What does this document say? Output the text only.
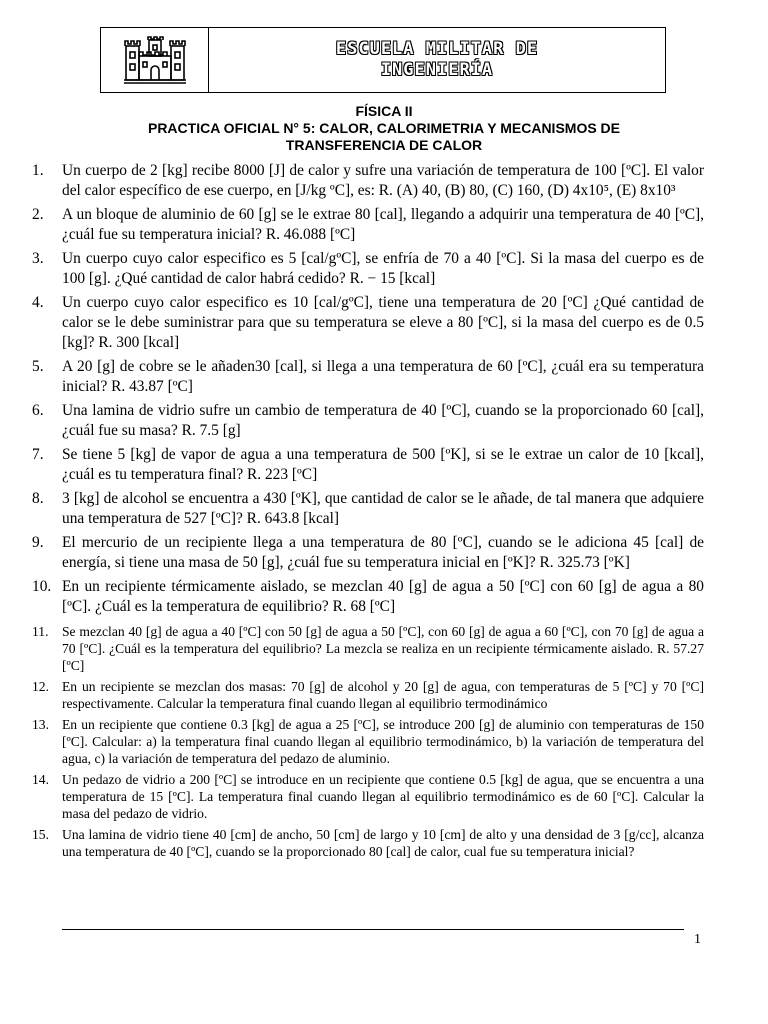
ESCUELA MILITAR DE
INGENIERÍA
FÍSICA II
PRACTICA OFICIAL N° 5: CALOR, CALORIMETRIA Y MECANISMOS DE
TRANSFERENCIA DE CALOR
1.	Un cuerpo de 2 [kg] recibe 8000 [J] de calor y sufre una variación de temperatura de 100 [ºC]. El valor del calor específico de ese cuerpo, en [J/kg ºC], es: R. (A) 40, (B) 80, (C) 160, (D) 4x10⁵, (E) 8x10³
2.	A un bloque de aluminio de 60 [g] se le extrae 80 [cal], llegando a adquirir una temperatura de 40 [ºC], ¿cuál fue su temperatura inicial? R. 46.088 [ºC]
3.	Un cuerpo cuyo calor especifico es 5 [cal/gºC], se enfría de 70 a 40 [ºC]. Si la masa del cuerpo es de 100 [g]. ¿Qué cantidad de calor habrá cedido? R. − 15 [kcal]
4.	Un cuerpo cuyo calor especifico es 10 [cal/gºC], tiene una temperatura de 20 [ºC] ¿Qué cantidad de calor se le debe suministrar para que su temperatura se eleve a 80 [ºC], si la masa del cuerpo es de 0.5 [kg]? R. 300 [kcal]
5.	A 20 [g] de cobre se le añaden30 [cal], si llega a una temperatura de 60 [ºC], ¿cuál era su temperatura inicial? R. 43.87 [ºC]
6.	Una lamina de vidrio sufre un cambio de temperatura de 40 [ºC], cuando se la proporcionado 60 [cal], ¿cuál fue su masa? R. 7.5 [g]
7.	Se tiene 5 [kg] de vapor de agua a una temperatura de 500 [ºK], si se le extrae un calor de 10 [kcal], ¿cuál es tu temperatura final? R. 223 [ºC]
8.	3 [kg] de alcohol se encuentra a 430 [ºK], que cantidad de calor se le añade, de tal manera que adquiere una temperatura de 527 [ºC]? R. 643.8 [kcal]
9.	El mercurio de un recipiente llega a una temperatura de 80 [ºC], cuando se le adiciona 45 [cal] de energía, si tiene una masa de 50 [g], ¿cuál fue su temperatura inicial en [ºK]? R. 325.73 [ºK]
10. En un recipiente térmicamente aislado, se mezclan 40 [g] de agua a 50 [ºC] con 60 [g] de agua a 80 [ºC]. ¿Cuál es la temperatura de equilibrio? R. 68 [ºC]
11. Se mezclan 40 [g] de agua a 40 [ºC] con 50 [g] de agua a 50 [ºC], con 60 [g] de agua a 60 [ºC], con 70 [g] de agua a 70 [ºC]. ¿Cuál es la temperatura del equilibrio? La mezcla se realiza en un recipiente térmicamente aislado. R. 57.27 [ºC]
12. En un recipiente se mezclan dos masas: 70 [g] de alcohol y 20 [g] de agua, con temperaturas de 5 [ºC] y 70 [ºC] respectivamente. Calcular la temperatura final cuando llegan al equilibrio termodinámico
13. En un recipiente que contiene 0.3 [kg] de agua a 25 [ºC], se introduce 200 [g] de aluminio con temperaturas de 150 [ºC]. Calcular: a) la temperatura final cuando llegan al equilibrio termodinámico, b) la variación de temperatura del agua, c) la variación de temperatura del pedazo de aluminio.
14. Un pedazo de vidrio a 200 [ºC] se introduce en un recipiente que contiene 0.5 [kg] de agua, que se encuentra a una temperatura de 15 [ºC]. La temperatura final cuando llegan al equilibrio termodinámico es de 60 [ºC]. Calcular la masa del pedazo de vidrio.
15. Una lamina de vidrio tiene 40 [cm] de ancho, 50 [cm] de largo y 10 [cm] de alto y una densidad de 3 [g/cc], alcanza una temperatura de 40 [ºC], cuando se la proporcionado 80 [cal] de calor, cual fue su temperatura inicial?
1
